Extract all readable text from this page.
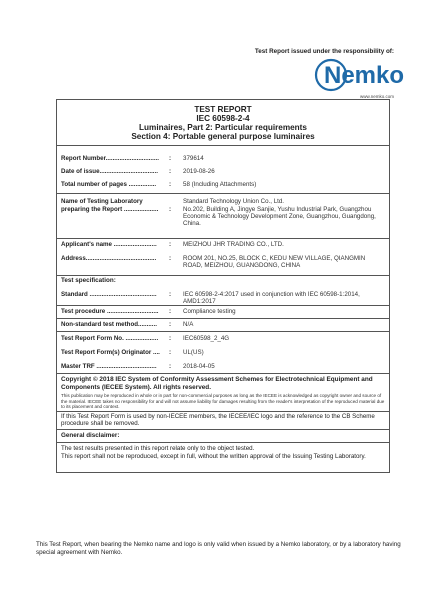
Test Report issued under the responsibility of:
Nemko
www.nemko.com
TEST REPORT
IEC 60598-2-4
Luminaires, Part 2: Particular requirements
Section 4: Portable general purpose luminaires
Report Number............................... : 379614
Date of issue.................................. : 2019-08-26
Total number of pages ................ : 58 (Including Attachments)
Name of Testing Laboratory	Standard Technology Union Co., Ltd.
preparing the Report .................... : No.202, Building A, Jingye Sanjie, Yushu Industrial Park, Guangzhou Economic & Technology Development Zone, Guangzhou, Guangdong, China.
Applicant's name ......................... : MEIZHOU JHR TRADING CO., LTD.
Address......................................... : ROOM 201, NO.25, BLOCK C, KEDU NEW VILLAGE, QIANGMIN ROAD, MEIZHOU, GUANGDONG, CHINA
Test specification:
Standard ....................................... : IEC 60598-2-4:2017 used in conjunction with IEC 60598-1:2014, AMD1:2017
Test procedure .............................. : Compliance testing
Non-standard test method........... : N/A
Test Report Form No. ................... : IEC60598_2_4G
Test Report Form(s) Originator .... : UL(US)
Master TRF ................................... : 2018-04-05
Copyright © 2018 IEC System of Conformity Assessment Schemes for Electrotechnical Equipment and Components (IECEE System). All rights reserved.
This publication may be reproduced in whole or in part for non-commercial purposes as long as the IECEE is acknowledged as copyright owner and source of the material. IECEE takes no responsibility for and will not assume liability for damages resulting from the reader's interpretation of the reproduced material due to its placement and context.
If this Test Report Form is used by non-IECEE members, the IECEE/IEC logo and the reference to the CB Scheme procedure shall be removed.
General disclaimer:
The test results presented in this report relate only to the object tested.
This report shall not be reproduced, except in full, without the written approval of the Issuing Testing Laboratory.
This Test Report, when bearing the Nemko name and logo is only valid when issued by a Nemko laboratory, or by a laboratory having special agreement with Nemko.
